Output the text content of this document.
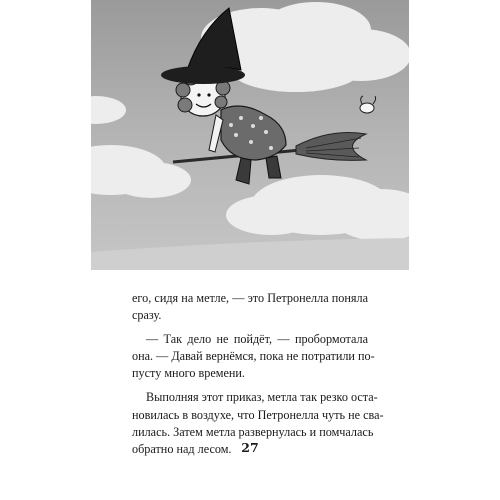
его, сидя на метле, — это Петронелла поняла
сразу.
— Так дело не пойдёт, — пробормотала
она. — Давай вернёмся, пока не потратили по-
пусту много времени.
Выполняя этот приказ, метла так резко оста-
новилась в воздухе, что Петронелла чуть не сва-
лилась. Затем метла развернулась и помчалась
обратно над лесом. 27
